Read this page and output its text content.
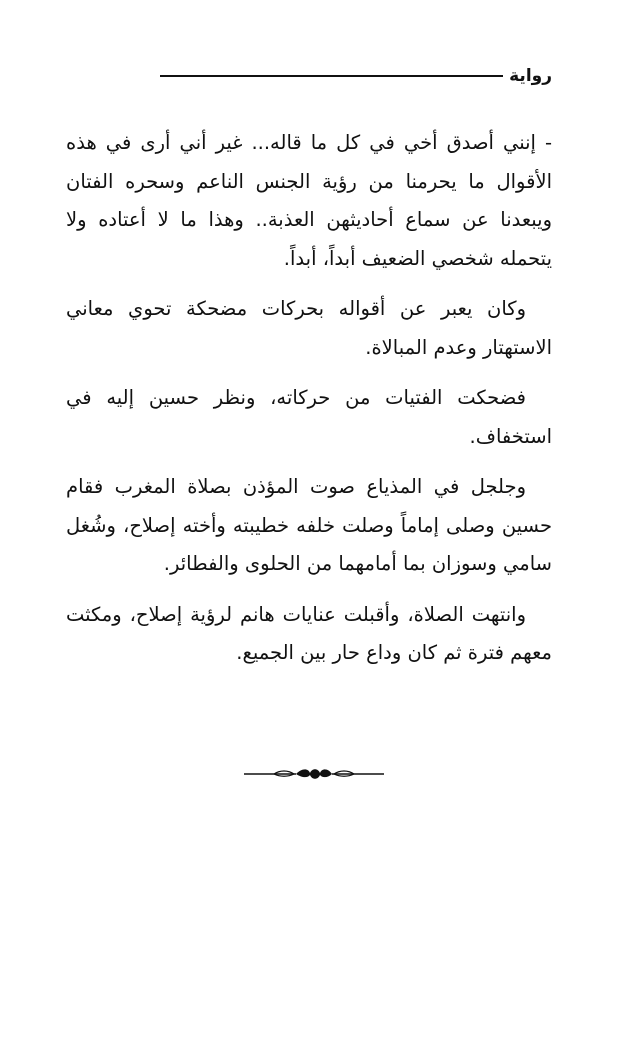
رواية

- إنني أصدق أخي في كل ما قاله... غير أني أرى في هذه الأقوال ما يحرمنا من رؤية الجنس الناعم وسحره الفتان ويبعدنا عن سماع أحاديثهن العذبة.. وهذا ما لا أعتاده ولا يتحمله شخصي الضعيف أبداً، أبداً.

وكان يعبر عن أقواله بحركات مضحكة تحوي معاني الاستهتار وعدم المبالاة.

فضحكت الفتيات من حركاته، ونظر حسين إليه في استخفاف.

وجلجل في المذياع صوت المؤذن بصلاة المغرب فقام حسين وصلى إماماً وصلت خلفه خطيبته وأخته إصلاح، وشُغل سامي وسوزان بما أمامهما من الحلوى والفطائر.

وانتهت الصلاة، وأقبلت عنايات هانم لرؤية إصلاح، ومكثت معهم فترة ثم كان وداع حار بين الجميع.
